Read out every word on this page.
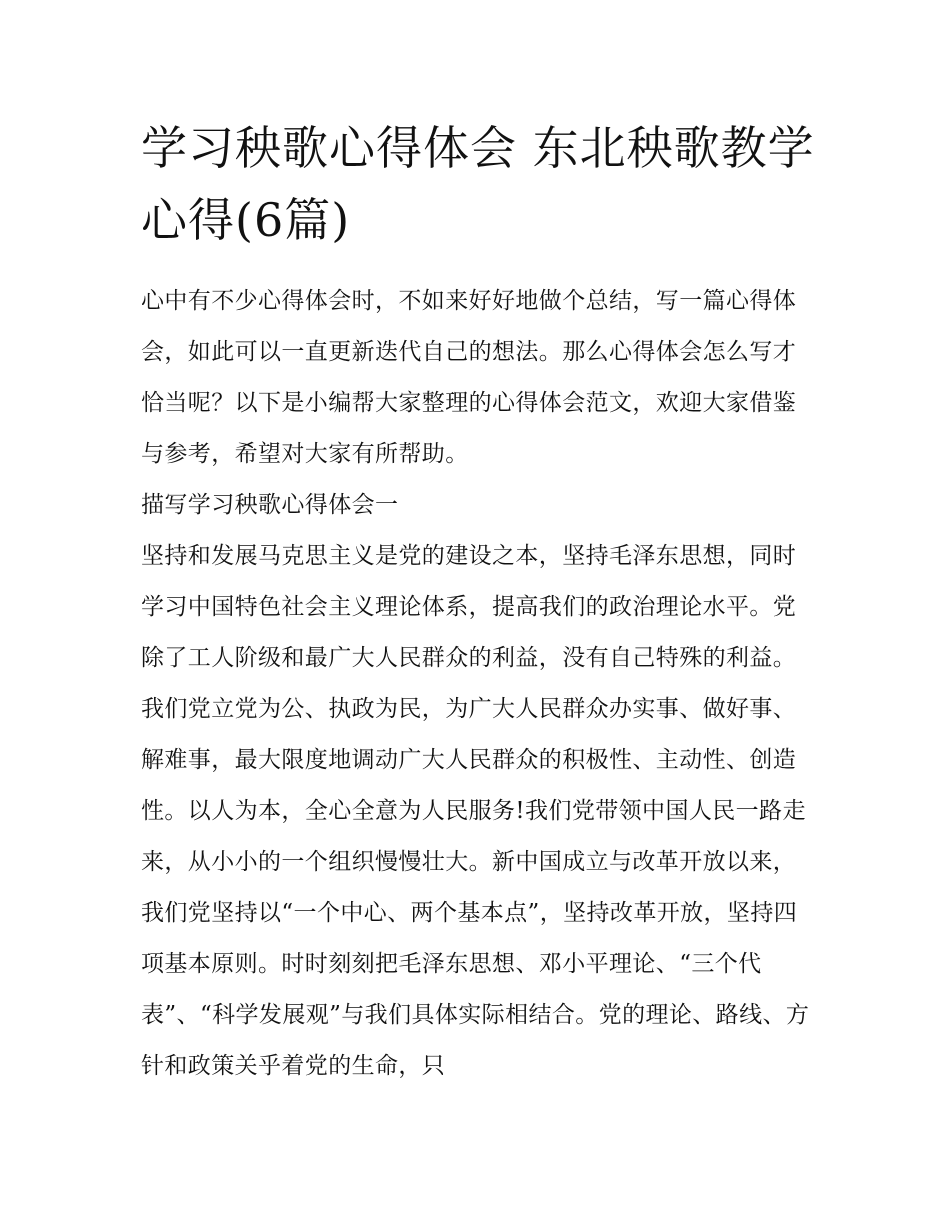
学习秧歌心得体会 东北秧歌教学心得(6篇)

心中有不少心得体会时，不如来好好地做个总结，写一篇心得体会，如此可以一直更新迭代自己的想法。那么心得体会怎么写才恰当呢？以下是小编帮大家整理的心得体会范文，欢迎大家借鉴与参考，希望对大家有所帮助。

描写学习秧歌心得体会一

坚持和发展马克思主义是党的建设之本，坚持毛泽东思想，同时学习中国特色社会主义理论体系，提高我们的政治理论水平。党除了工人阶级和最广大人民群众的利益，没有自己特殊的利益。我们党立党为公、执政为民，为广大人民群众办实事、做好事、解难事，最大限度地调动广大人民群众的积极性、主动性、创造性。以人为本，全心全意为人民服务!我们党带领中国人民一路走来，从小小的一个组织慢慢壮大。新中国成立与改革开放以来，我们党坚持以“一个中心、两个基本点”，坚持改革开放，坚持四项基本原则。时时刻刻把毛泽东思想、邓小平理论、“三个代表”、“科学发展观”与我们具体实际相结合。党的理论、路线、方针和政策关乎着党的生命，只
